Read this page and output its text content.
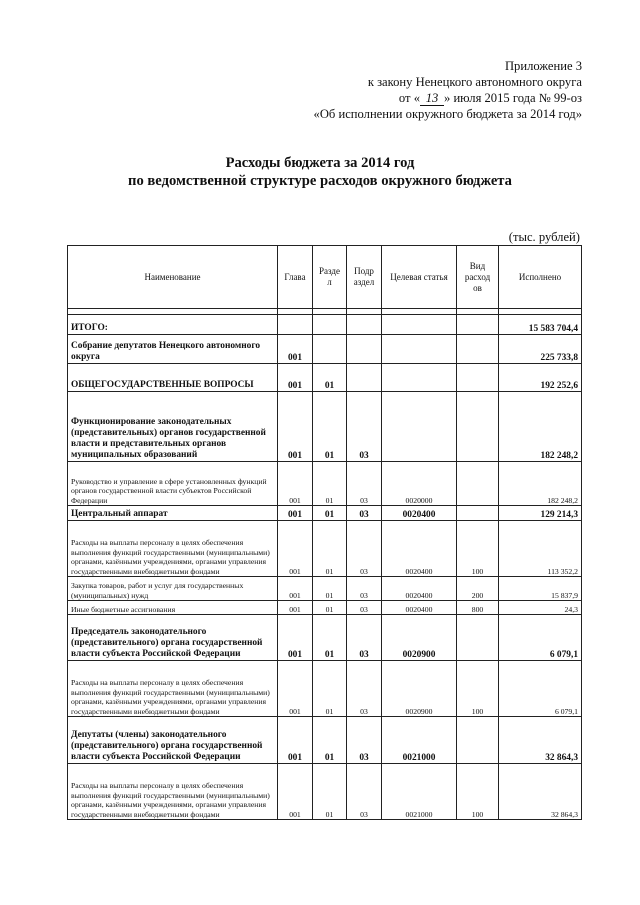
Приложение 3
к закону Ненецкого автономного округа
от « 13 » июля 2015 года № 99-оз
«Об исполнении окружного бюджета за 2014 год»
Расходы бюджета за 2014 год
по ведомственной структуре расходов окружного бюджета
(тыс. рублей)
Наименование	Глава	Разде л	Подр аздел	Целевая статья	Вид расход ов	Исполнено

ИТОГО:						15 583 704,4
Собрание депутатов Ненецкого автономного округа	001					225 733,8
ОБЩЕГОСУДАРСТВЕННЫЕ ВОПРОСЫ	001	01				192 252,6
Функционирование законодательных (представительных) органов государственной власти и представительных органов муниципальных образований	001	01	03			182 248,2
Руководство и управление в сфере установленных функций органов государственной власти субъектов Российской Федерации	001	01	03	0020000		182 248,2
Центральный аппарат	001	01	03	0020400		129 214,3
Расходы на выплаты персоналу в целях обеспечения выполнения функций государственными (муниципальными) органами, казёнными учреждениями, органами управления государственными внебюджетными фондами	001	01	03	0020400	100	113 352,2
Закупка товаров, работ и услуг для государственных (муниципальных) нужд	001	01	03	0020400	200	15 837,9
Иные бюджетные ассигнования	001	01	03	0020400	800	24,3
Председатель законодательного (представительного) органа государственной власти субъекта Российской Федерации	001	01	03	0020900		6 079,1
Расходы на выплаты персоналу в целях обеспечения выполнения функций государственными (муниципальными) органами, казёнными учреждениями, органами управления государственными внебюджетными фондами	001	01	03	0020900	100	6 079,1
Депутаты (члены) законодательного (представительного) органа государственной власти субъекта Российской Федерации	001	01	03	0021000		32 864,3
Расходы на выплаты персоналу в целях обеспечения выполнения функций государственными (муниципальными) органами, казёнными учреждениями, органами управления государственными внебюджетными фондами	001	01	03	0021000	100	32 864,3
